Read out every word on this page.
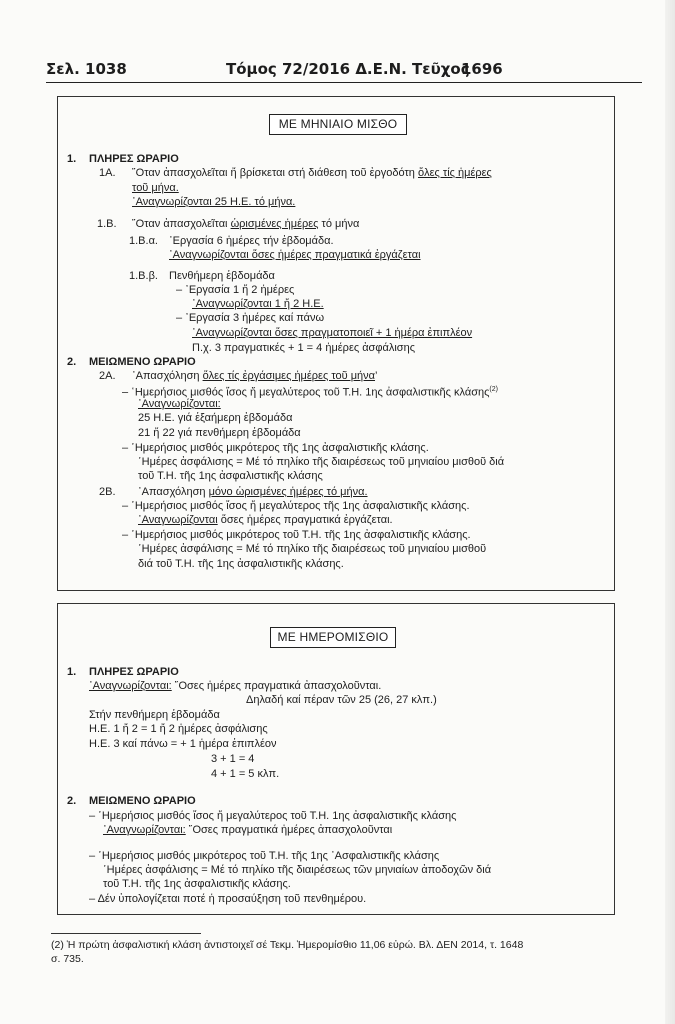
Σελ. 1038	Τόμος 72/2016 Δ.Ε.Ν. Τεῦχος
1696
ΜΕ ΜΗΝΙΑΙΟ ΜΙΣΘΟ
1. ΠΛΗΡΕΣ ΩΡΑΡΙΟ
1Α. ῞Οταν ἀπασχολεῖται ἤ βρίσκεται στή διάθεση τοῦ ἐργοδότη ὅλες τίς ἡμέρες
τοῦ μήνα.
᾿Αναγνωρίζονται 25 Η.Ε. τό μήνα.
1.Β. ῞Οταν ἀπασχολεῖται ὡρισμένες ἡμέρες τό μήνα
1.Β.α. ᾿Εργασία 6 ἡμέρες τήν ἑβδομάδα.
᾿Αναγνωρίζονται ὅσες ἡμέρες πραγματικά ἐργάζεται
1.Β.β. Πενθήμερη ἑβδομάδα
– ᾿Εργασία 1 ἤ 2 ἡμέρες
᾿Αναγνωρίζονται 1 ἤ 2 Η.Ε.
– ᾿Εργασία 3 ἡμέρες καί πάνω
᾿Αναγνωρίζονται ὅσες πραγματοποιεῖ + 1 ἡμέρα ἐπιπλέον
Π.χ. 3 πραγματικές + 1 = 4 ἡμέρες ἀσφάλισης
2. ΜΕΙΩΜΕΝΟ ΩΡΑΡΙΟ
2Α. ᾿Απασχόληση ὅλες τίς ἐργάσιμες ἡμέρες τοῦ μήνα’
– ῾Ημερήσιος μισθός ἴσος ἤ μεγαλύτερος τοῦ Τ.Η. 1ης ἀσφαλιστικῆς κλάσης$^{(2)}$
᾿Αναγνωρίζονται:
25 Η.Ε. γιά ἑξαήμερη ἑβδομάδα
21 ἤ 22 γιά πενθήμερη ἑβδομάδα
– ῾Ημερήσιος μισθός μικρότερος τῆς 1ης ἀσφαλιστικῆς κλάσης.
῾Ημέρες ἀσφάλισης = Μέ τό πηλίκο τῆς διαιρέσεως τοῦ μηνιαίου μισθοῦ διά
τοῦ Τ.Η. τῆς 1ης ἀσφαλιστικῆς κλάσης
2Β. ᾿Απασχόληση μόνο ὡρισμένες ἡμέρες τό μήνα.
– ῾Ημερήσιος μισθός ἴσος ἤ μεγαλύτερος τῆς 1ης ἀσφαλιστικῆς κλάσης.
᾿Αναγνωρίζονται ὅσες ἡμέρες πραγματικά ἐργάζεται.
– ῾Ημερήσιος μισθός μικρότερος τοῦ Τ.Η. τῆς 1ης ἀσφαλιστικῆς κλάσης.
῾Ημέρες ἀσφάλισης = Μέ τό πηλίκο τῆς διαιρέσεως τοῦ μηνιαίου μισθοῦ
διά τοῦ Τ.Η. τῆς 1ης ἀσφαλιστικῆς κλάσης.
ΜΕ ΗΜΕΡΟΜΙΣΘΙΟ
1. ΠΛΗΡΕΣ ΩΡΑΡΙΟ
᾿Αναγνωρίζονται: ῞Οσες ἡμέρες πραγματικά ἀπασχολοῦνται.
Δηλαδή καί πέραν τῶν 25 (26, 27 κλπ.)
Στήν πενθήμερη ἑβδομάδα
Η.Ε. 1 ἤ 2 = 1 ἤ 2 ἡμέρες ἀσφάλισης
Η.Ε. 3 καί πάνω = + 1 ἡμέρα ἐπιπλέον
3 + 1 = 4
4 + 1 = 5 κλπ.
2. ΜΕΙΩΜΕΝΟ ΩΡΑΡΙΟ
– ῾Ημερήσιος μισθός ἴσος ἤ μεγαλύτερος τοῦ Τ.Η. 1ης ἀσφαλιστικῆς κλάσης
᾿Αναγνωρίζονται: ῞Οσες πραγματικά ἡμέρες ἀπασχολοῦνται
– ῾Ημερήσιος μισθός μικρότερος τοῦ Τ.Η. τῆς 1ης ᾿Ασφαλιστικῆς κλάσης
῾Ημέρες ἀσφάλισης = Μέ τό πηλίκο τῆς διαιρέσεως τῶν μηνιαίων ἀποδοχῶν διά
τοῦ Τ.Η. τῆς 1ης ἀσφαλιστικῆς κλάσης.
– Δέν ὑπολογίζεται ποτέ ἡ προσαύξηση τοῦ πενθημέρου.
(2) Ἡ πρώτη ἀσφαλιστική κλάση ἀντιστοιχεῖ σέ Τεκμ. Ἡμερομίσθιο 11,06 εὐρώ. Βλ. ΔΕΝ 2014, τ. 1648
σ. 735.
